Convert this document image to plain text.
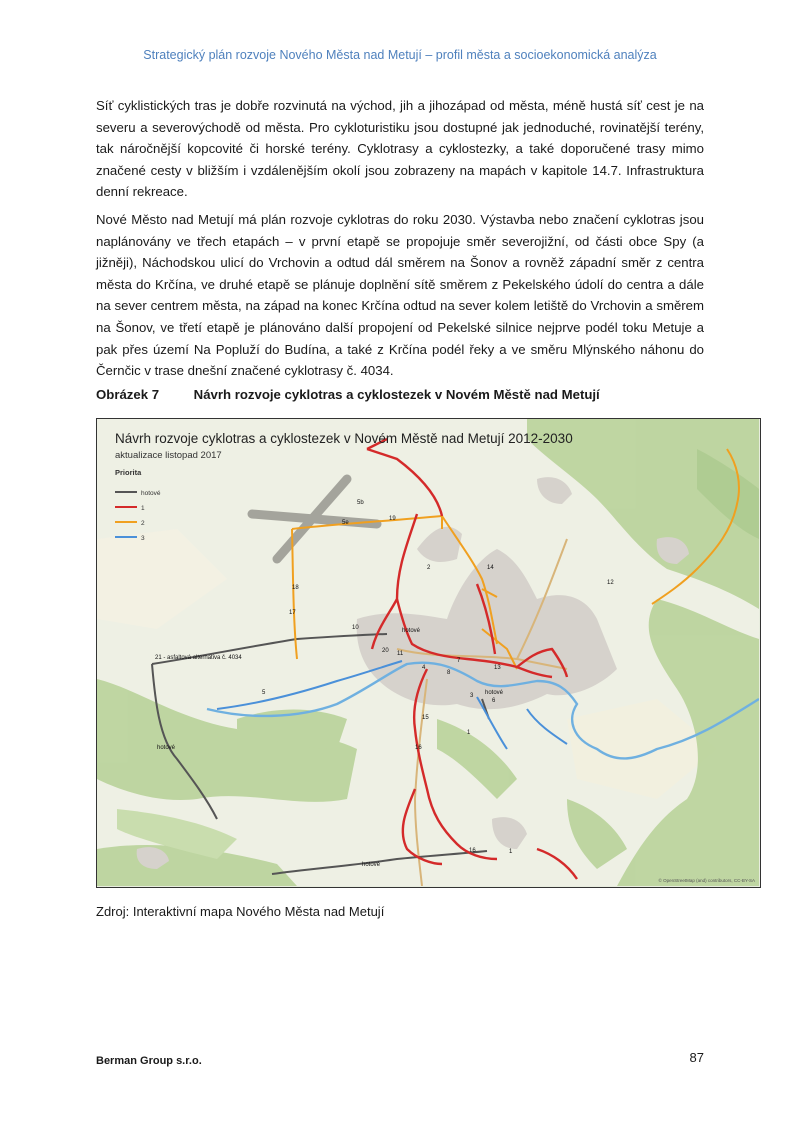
Strategický plán rozvoje Nového Města nad Metují – profil města a socioekonomická analýza

Síť cyklistických tras je dobře rozvinutá na východ, jih a jihozápad od města, méně hustá síť cest je na severu a severovýchodě od města. Pro cykloturistiku jsou dostupné jak jednoduché, rovinatější terény, tak náročnější kopcovité či horské terény. Cyklotrasy a cyklostezky, a také doporučené trasy mimo značené cesty v bližším i vzdálenějším okolí jsou zobrazeny na mapách v kapitole 14.7. Infrastruktura denní rekreace.

Nové Město nad Metují má plán rozvoje cyklotras do roku 2030. Výstavba nebo značení cyklotras jsou naplánovány ve třech etapách – v první etapě se propojuje směr severojižní, od části obce Spy (a jižněji), Náchodskou ulicí do Vrchovin a odtud dál směrem na Šonov a rovněž západní směr z centra města do Krčína, ve druhé etapě se plánuje doplnění sítě směrem z Pekelského údolí do centra a dále na sever centrem města, na západ na konec Krčína odtud na sever kolem letiště do Vrchovin a směrem na Šonov, ve třetí etapě je plánováno další propojení od Pekelské silnice nejprve podél toku Metuje a pak přes území Na Popluží do Budína, a také z Krčína podél řeky a ve směru Mlýnského náhonu do Černčic v trase dnešní značené cyklotrasy č. 4034.

Obrázek 7	Návrh rozvoje cyklotras a cyklostezek v Novém Městě nad Metují
19
5e
5b
2	14
12
18
17
10	hotové
20 11
7
13
4
8
5	3 hotové
6
15
1
16
hotové
21 - asfaltová alternativa č. 4034
hotové
1
16
Návrh rozvoje cyklotras a cyklostezek v Novém Městě nad Metují 2012-2030
aktualizace listopad 2017
Priorita
hotové
1
2
3
© OpenStreetMap (and) contributors, CC-BY-SA
Zdroj: Interaktivní mapa Nového Města nad Metují
Berman Group s.r.o.	87
